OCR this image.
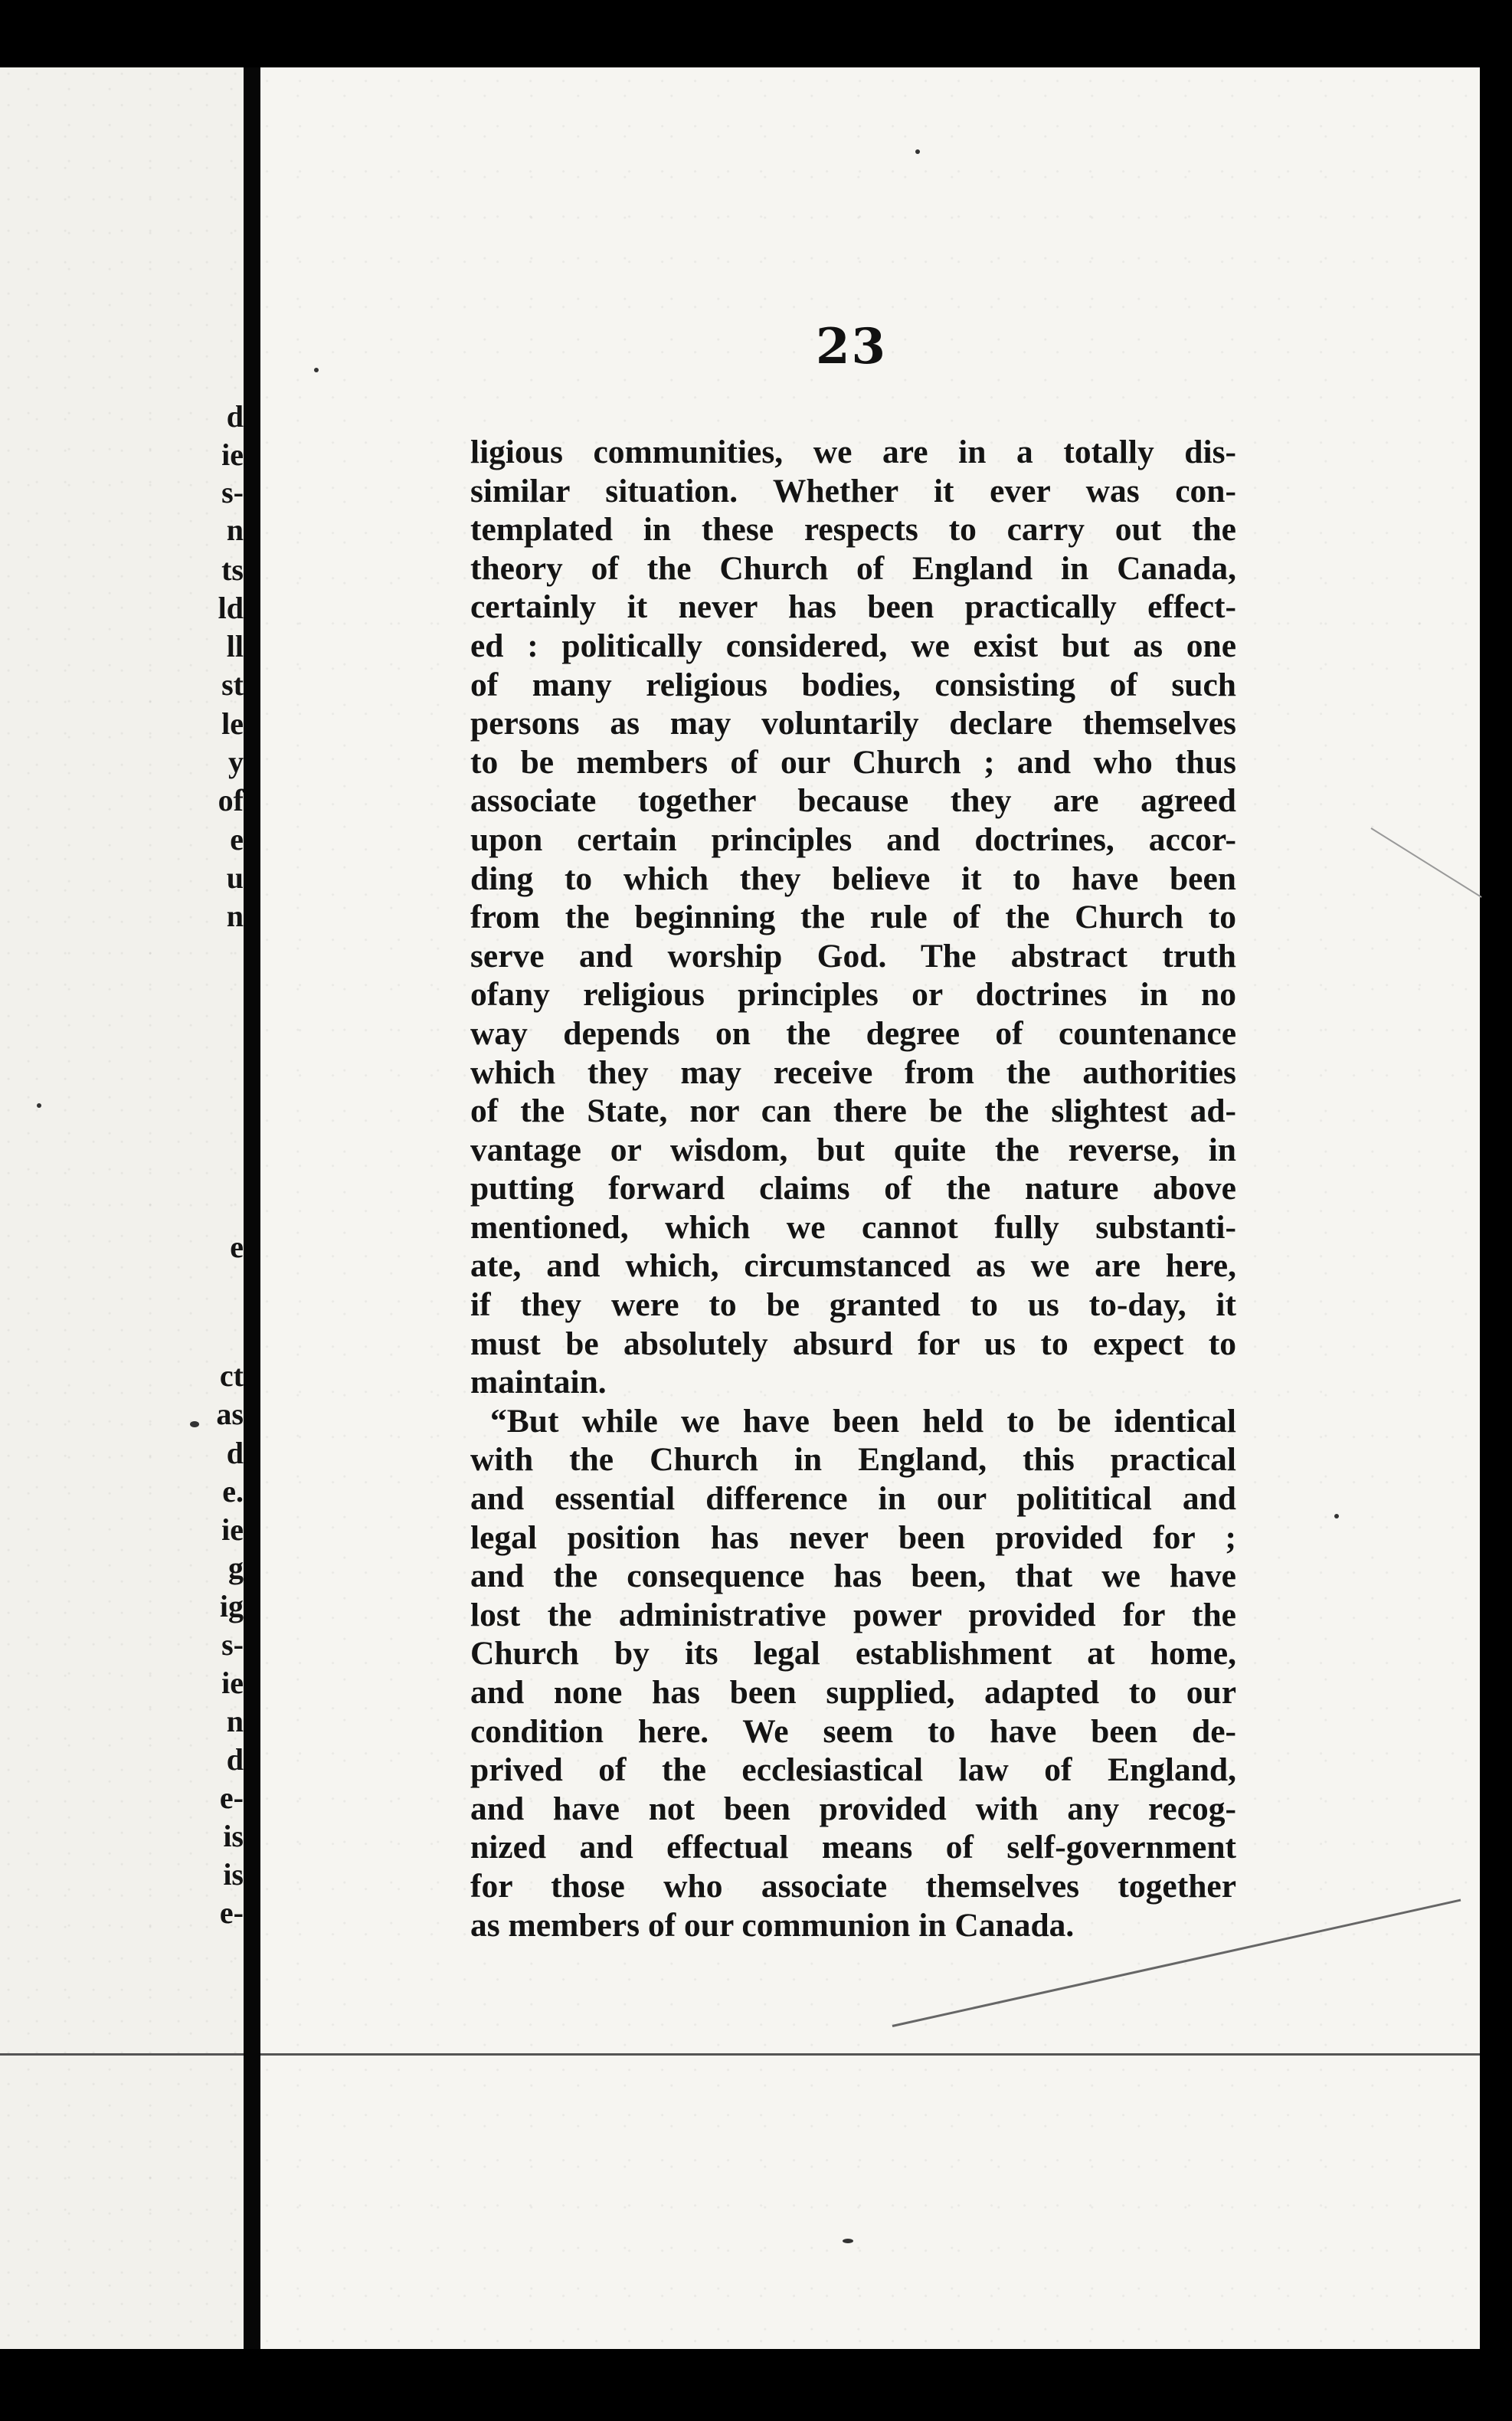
d
ie
s-
n
ts
ld
ll
st
le
y
of
e
u
n
e
ct
as
d
e.
ie
g
ig
s-
ie
n
d
e-
is
is
e-
23
ligious communities, we are in a totally dis-
similar situation. Whether it ever was con-
templated in these respects to carry out the
theory of the Church of England in Canada,
certainly it never has been practically effect-
ed : politically considered, we exist but as one
of many religious bodies, consisting of such
persons as may voluntarily declare themselves
to be members of our Church ; and who thus
associate together because they are agreed
upon certain principles and doctrines, accor-
ding to which they believe it to have been
from the beginning the rule of the Church to
serve and worship God. The abstract truth
ofany religious principles or doctrines in no
way depends on the degree of countenance
which they may receive from the authorities
of the State, nor can there be the slightest ad-
vantage or wisdom, but quite the reverse, in
putting forward claims of the nature above
mentioned, which we cannot fully substanti-
ate, and which, circumstanced as we are here,
if they were to be granted to us to-day, it
must be absolutely absurd for us to expect to
maintain.
“But while we have been held to be identical
with the Church in England, this practical
and essential difference in our polititical and
legal position has never been provided for ;
and the consequence has been, that we have
lost the administrative power provided for the
Church by its legal establishment at home,
and none has been supplied, adapted to our
condition here. We seem to have been de-
prived of the ecclesiastical law of England,
and have not been provided with any recog-
nized and effectual means of self-government
for those who associate themselves together
as members of our communion in Canada.
